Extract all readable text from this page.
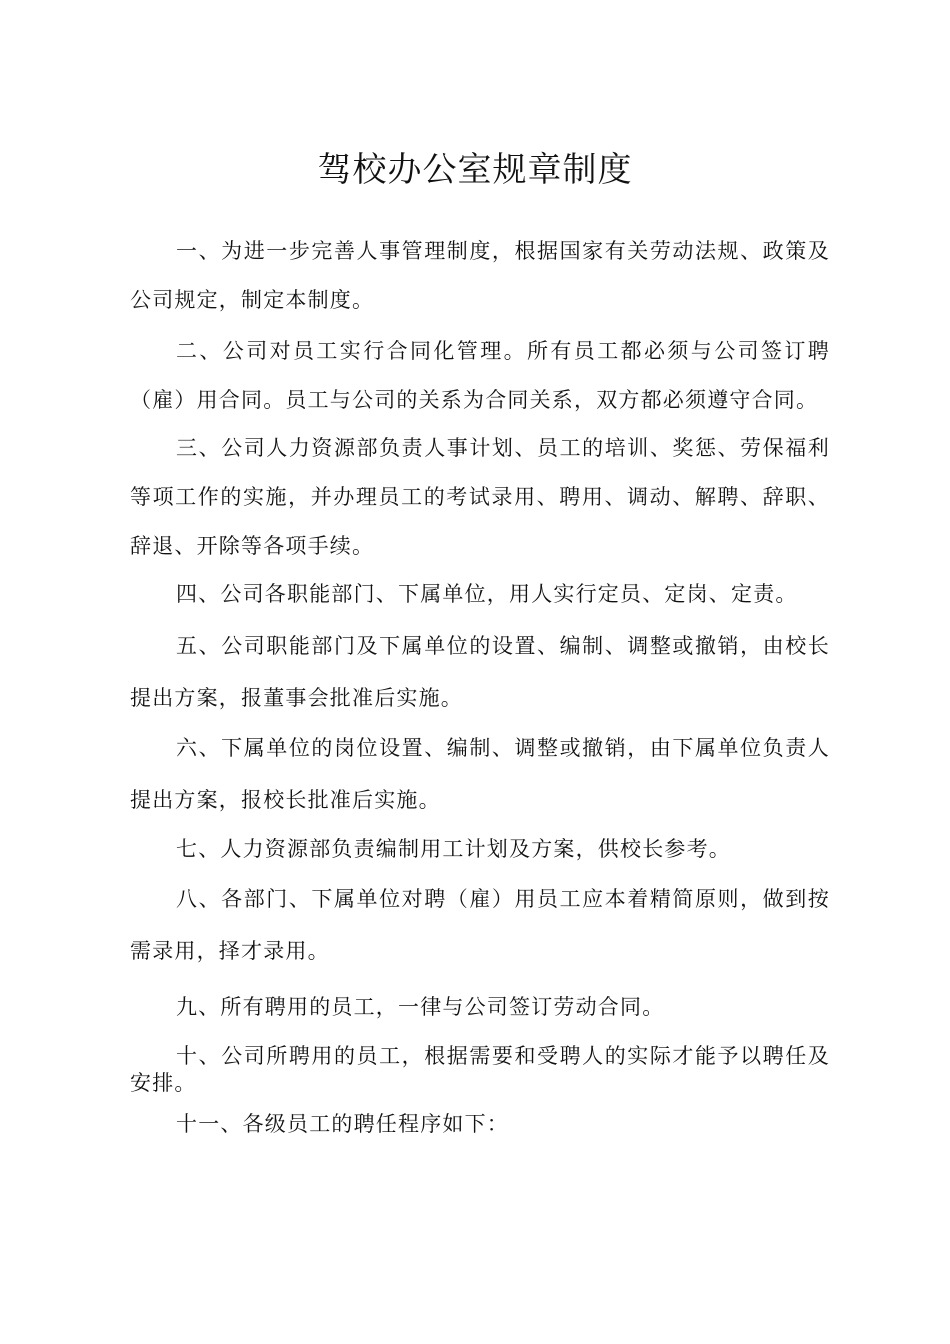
驾校办公室规章制度

一、为进一步完善人事管理制度，根据国家有关劳动法规、政策及公司规定，制定本制度。

二、公司对员工实行合同化管理。所有员工都必须与公司签订聘（雇）用合同。员工与公司的关系为合同关系，双方都必须遵守合同。

三、公司人力资源部负责人事计划、员工的培训、奖惩、劳保福利等项工作的实施，并办理员工的考试录用、聘用、调动、解聘、辞职、辞退、开除等各项手续。

四、公司各职能部门、下属单位，用人实行定员、定岗、定责。

五、公司职能部门及下属单位的设置、编制、调整或撤销，由校长提出方案，报董事会批准后实施。

六、下属单位的岗位设置、编制、调整或撤销，由下属单位负责人提出方案，报校长批准后实施。

七、人力资源部负责编制用工计划及方案，供校长参考。

八、各部门、下属单位对聘（雇）用员工应本着精简原则，做到按需录用，择才录用。

九、所有聘用的员工，一律与公司签订劳动合同。

十、公司所聘用的员工，根据需要和受聘人的实际才能予以聘任及安排。

十一、各级员工的聘任程序如下：
